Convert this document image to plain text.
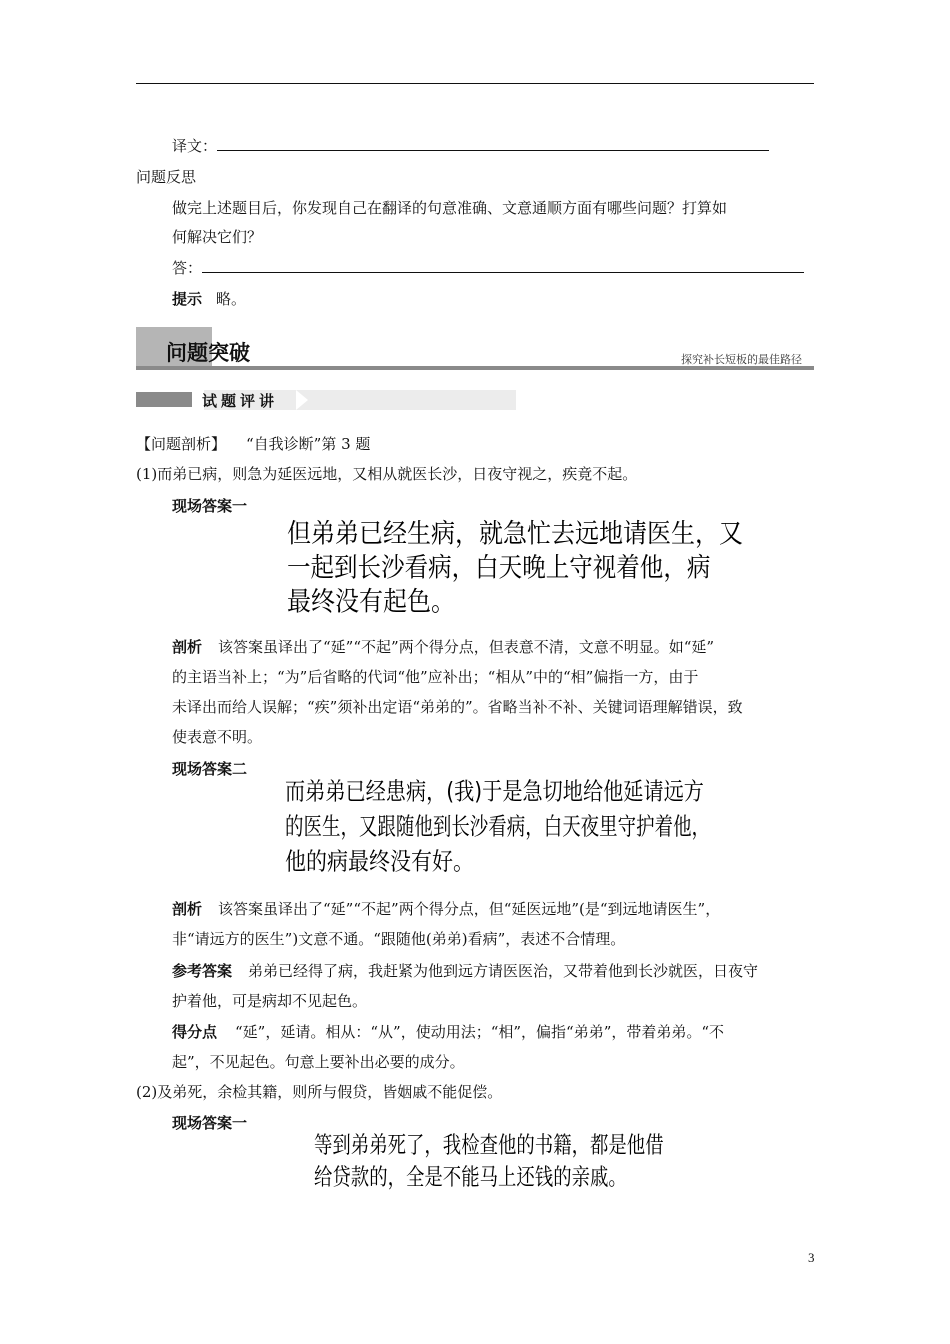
译文：
问题反思
做完上述题目后，你发现自己在翻译的句意准确、文意通顺方面有哪些问题？打算如
何解决它们？
答：
提示 略。
问题突破	探究补长短板的最佳路径
试题评讲
【问题剖析】 “自我诊断”第 3 题
(1)而弟已病，则急为延医远地，又相从就医长沙，日夜守视之，疾竟不起。
现场答案一
但弟弟已经生病，就急忙去远地请医生，又
一起到长沙看病，白天晚上守视着他，病
最终没有起色。
剖析 该答案虽译出了“延”“不起”两个得分点，但表意不清，文意不明显。如“延”
的主语当补上；“为”后省略的代词“他”应补出；“相从”中的“相”偏指一方，由于
未译出而给人误解；“疾”须补出定语“弟弟的”。省略当补不补、关键词语理解错误，致
使表意不明。
现场答案二
而弟弟已经患病，(我)于是急切地给他延请远方
的医生，又跟随他到长沙看病，白天夜里守护着他，
他的病最终没有好。
剖析 该答案虽译出了“延”“不起”两个得分点，但“延医远地”(是“到远地请医生”，
非“请远方的医生”)文意不通。“跟随他(弟弟)看病”，表述不合情理。
参考答案 弟弟已经得了病，我赶紧为他到远方请医医治，又带着他到长沙就医，日夜守
护着他，可是病却不见起色。
得分点 “延”，延请。相从：“从”，使动用法；“相”，偏指“弟弟”，带着弟弟。“不
起”，不见起色。句意上要补出必要的成分。
(2)及弟死，余检其籍，则所与假贷，皆姻戚不能促偿。
现场答案一
等到弟弟死了，我检查他的书籍，都是他借
给贷款的，全是不能马上还钱的亲戚。
3
